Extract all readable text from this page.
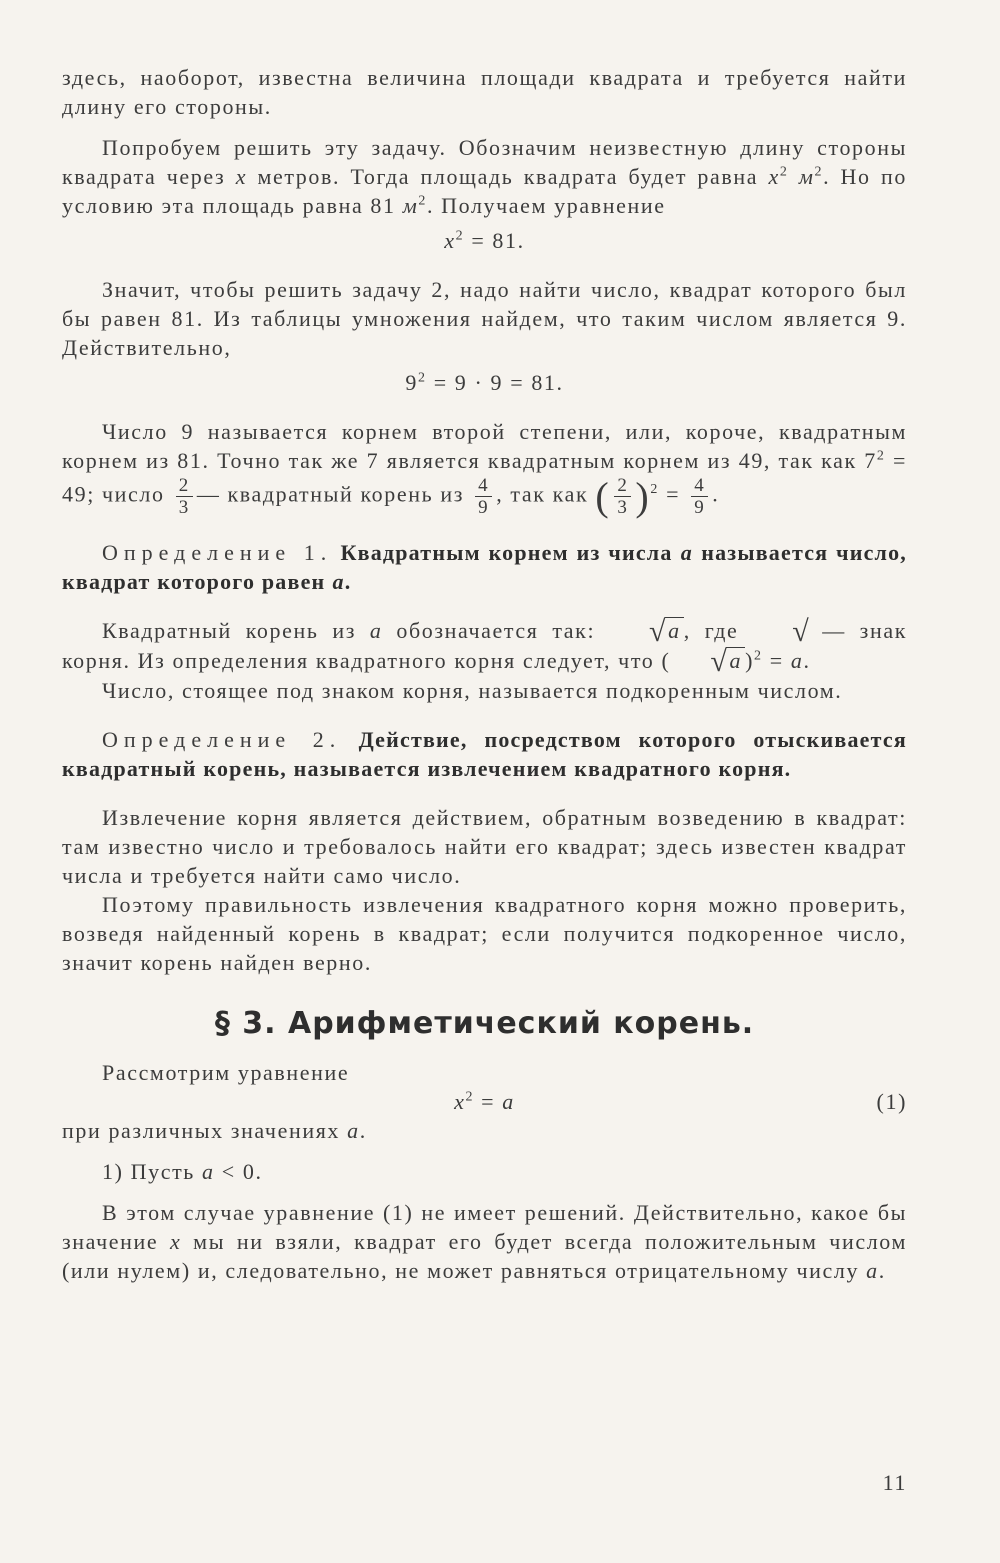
здесь, наоборот, известна величина площади квадрата и требуется найти длину его стороны.

Попробуем решить эту задачу. Обозначим неизвестную длину стороны квадрата через x метров. Тогда площадь квадрата будет равна $x^2$ $м^2$. Но по условию эта площадь равна 81 $м^2$. Получаем уравнение

$x^2 = 81$.

Значит, чтобы решить задачу 2, надо найти число, квадрат которого был бы равен 81. Из таблицы умножения найдем, что таким числом является 9. Действительно,

$9^2 = 9 \cdot 9 = 81$.

Число 9 называется корнем второй степени, или, короче, квадратным корнем из 81. Точно так же 7 является квадратным корнем из 49, так как $7^2 = 49$; число $\frac{2}{3}$ — квадратный корень из $\frac{4}{9}$ , так как ( $\frac{2}{3} )^2 = \frac{4}{9}$ .

Определение 1. Квадратным корнем из числа a называется число, квадрат которого равен a.

Квадратный корень из a обозначается так: √a , где √ — знак корня. Из определения квадратного корня следует, что ( √a )$^2$ = a.

Число, стоящее под знаком корня, называется подкоренным числом.

Определение 2. Действие, посредством которого отыскивается квадратный корень, называется извлечением квадратного корня.

Извлечение корня является действием, обратным возведению в квадрат: там известно число и требовалось найти его квадрат; здесь известен квадрат числа и требуется найти само число.

Поэтому правильность извлечения квадратного корня можно проверить, возведя найденный корень в квадрат; если получится подкоренное число, значит корень найден верно.

§ 3. Арифметический корень.

Рассмотрим уравнение

$x^2 = a$	(1)

при различных значениях a.

1) Пусть a < 0.

В этом случае уравнение (1) не имеет решений. Действительно, какое бы значение x мы ни взяли, квадрат его будет всегда положительным числом (или нулем) и, следовательно, не может равняться отрицательному числу a.

11
